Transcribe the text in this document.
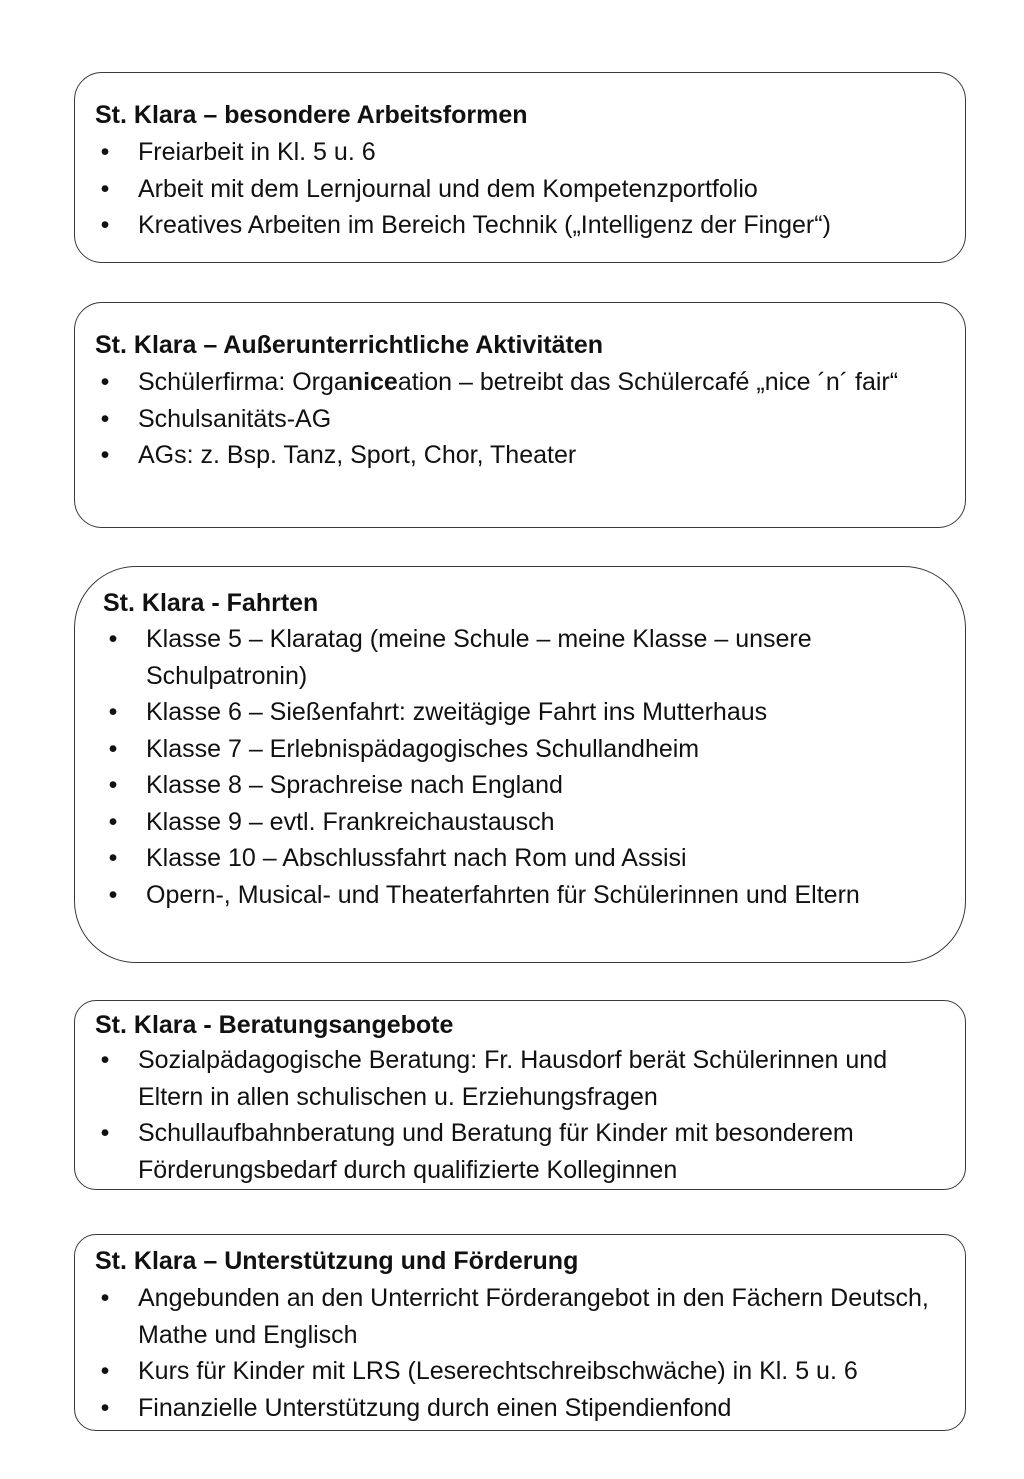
St. Klara – besondere Arbeitsformen
• Freiarbeit in Kl. 5 u. 6
• Arbeit mit dem Lernjournal und dem Kompetenzportfolio
• Kreatives Arbeiten im Bereich Technik („Intelligenz der Finger“)
St. Klara – Außerunterrichtliche Aktivitäten
• Schülerfirma: Organiceation – betreibt das Schülercafé „nice ´n´ fair“
• Schulsanitäts-AG
• AGs: z. Bsp. Tanz, Sport, Chor, Theater
St. Klara - Fahrten
• Klasse 5 – Klaratag (meine Schule – meine Klasse – unsere Schulpatronin)
• Klasse 6 – Sießenfahrt: zweitägige Fahrt ins Mutterhaus
• Klasse 7 – Erlebnispädagogisches Schullandheim
• Klasse 8 – Sprachreise nach England
• Klasse 9 – evtl. Frankreichaustausch
• Klasse 10 – Abschlussfahrt nach Rom und Assisi
• Opern-, Musical- und Theaterfahrten für Schülerinnen und Eltern
St. Klara - Beratungsangebote
• Sozialpädagogische Beratung: Fr. Hausdorf berät Schülerinnen und Eltern in allen schulischen u. Erziehungsfragen
• Schullaufbahnberatung und Beratung für Kinder mit besonderem Förderungsbedarf durch qualifizierte Kolleginnen
St. Klara – Unterstützung und Förderung
• Angebunden an den Unterricht Förderangebot in den Fächern Deutsch, Mathe und Englisch
• Kurs für Kinder mit LRS (Leserechtschreibschwäche) in Kl. 5 u. 6
• Finanzielle Unterstützung durch einen Stipendienfond
